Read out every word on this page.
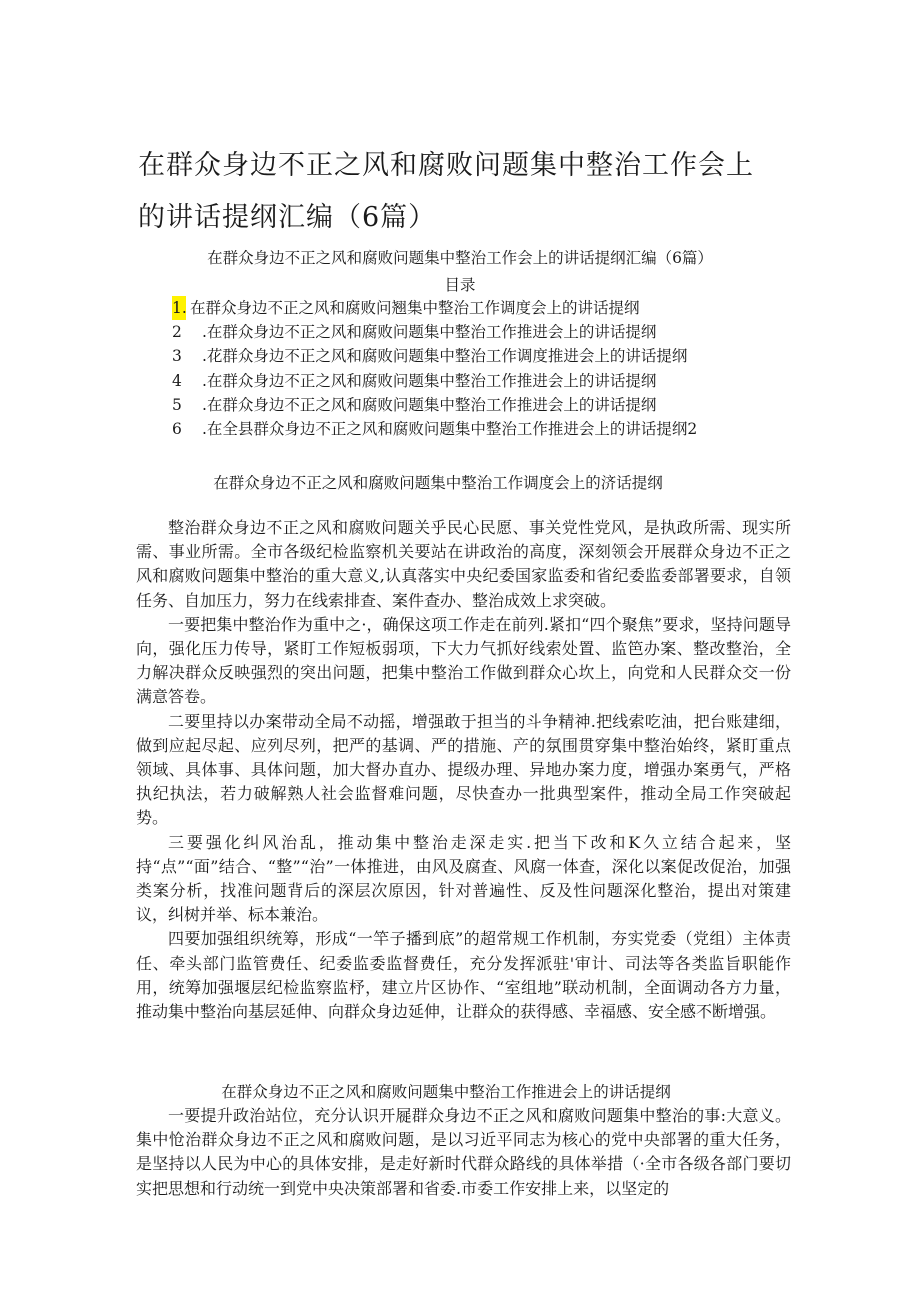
在群众身边不正之风和腐败问题集中整治工作会上
的讲话提纲汇编（6篇）
在群众身边不正之风和腐败问题集中整治工作会上的讲话提纲汇编（6篇）
目录
1. 在群众身边不正之风和腐败问翘集中整治工作调度会上的讲话提纲
2	.在群众身边不正之风和腐败问题集中整治工作推进会上的讲话提纲
3	.花群众身边不正之风和腐败问题集中整治工作调度推进会上的讲话提纲
4	.在群众身边不正之风和腐败问题集中整治工作推进会上的讲话提纲
5	.在群众身边不正之风和腐败问题集中整治工作推进会上的讲话提纲
6	.在全县群众身边不正之风和腐败问题集中整治工作推进会上的讲话提纲2
在群众身边不正之风和腐败问题集中整治工作调度会上的济话提纲

整治群众身边不正之风和腐败问题关乎民心民愿、事关党性党风，是执政所需、现实所需、事业所需。全市各级纪检监察机关要站在讲政治的高度，深刻领会开展群众身边不正之风和腐败问题集中整治的重大意义,认真落实中央纪委国家监委和省纪委监委部署要求，自领任务、自加压力，努力在线索排查、案件查办、整治成效上求突破。

一要把集中整治作为重中之·，确保这项工作走在前列.紧扣“四个聚焦”要求，坚持问题导向，强化压力传导，紧盯工作短板弱项，下大力气抓好线索处置、监笆办案、整改整治，全力解决群众反映强烈的突出问题，把集中整治工作做到群众心坎上，向党和人民群众交一份满意答卷。

二要里持以办案带动全局不动摇，增强敢于担当的斗争精神.把线索吃油，把台账建细，做到应起尽起、应列尽列，把严的基调、严的措施、产的氛围贯穿集中整治始终，紧盯重点领域、具体事、具体问题，加大督办直办、提级办理、异地办案力度，增强办案勇气，严格执纪执法，若力破解熟人社会监督难问题，尽快查办一批典型案件，推动全局工作突破起势。

三要强化纠风治乱，推动集中整治走深走实.把当下改和K久立结合起来，坚持“点”“面”结合、“整”“治”一体推进，由风及腐查、风腐一体查，深化以案促改促治，加强类案分析，找准问题背后的深层次原因，针对普遍性、反及性问题深化整治，提出对策建议，纠树并举、标本兼治。

四要加强组织统筹，形成“一竿子播到底”的超常规工作机制，夯实党委（党组）主体责任、牵头部门监管费任、纪委监委监督费任，充分发挥派驻'审计、司法等各类监旨职能作用，统筹加强堰层纪检监察监杼，建立片区协作、“室组地”联动机制，全面调动各方力量，推动集中整治向基层延伸、向群众身边延伸，让群众的获得感、幸福感、安全感不断增强。

在群众身边不正之风和腐败问题集中整治工作推进会上的讲话提纲

一要提升政治站位，充分认识开屣群众身边不正之风和腐败问题集中整治的事:大意义。集中怆治群众身边不正之风和腐败问题，是以习近平同志为核心的党中央部署的重大任务，是坚持以人民为中心的具体安排，是走好新时代群众路线的具体举措（·全市各级各部门要切实把思想和行动统一到党中央决策部署和省委.市委工作安排上来，以坚定的
